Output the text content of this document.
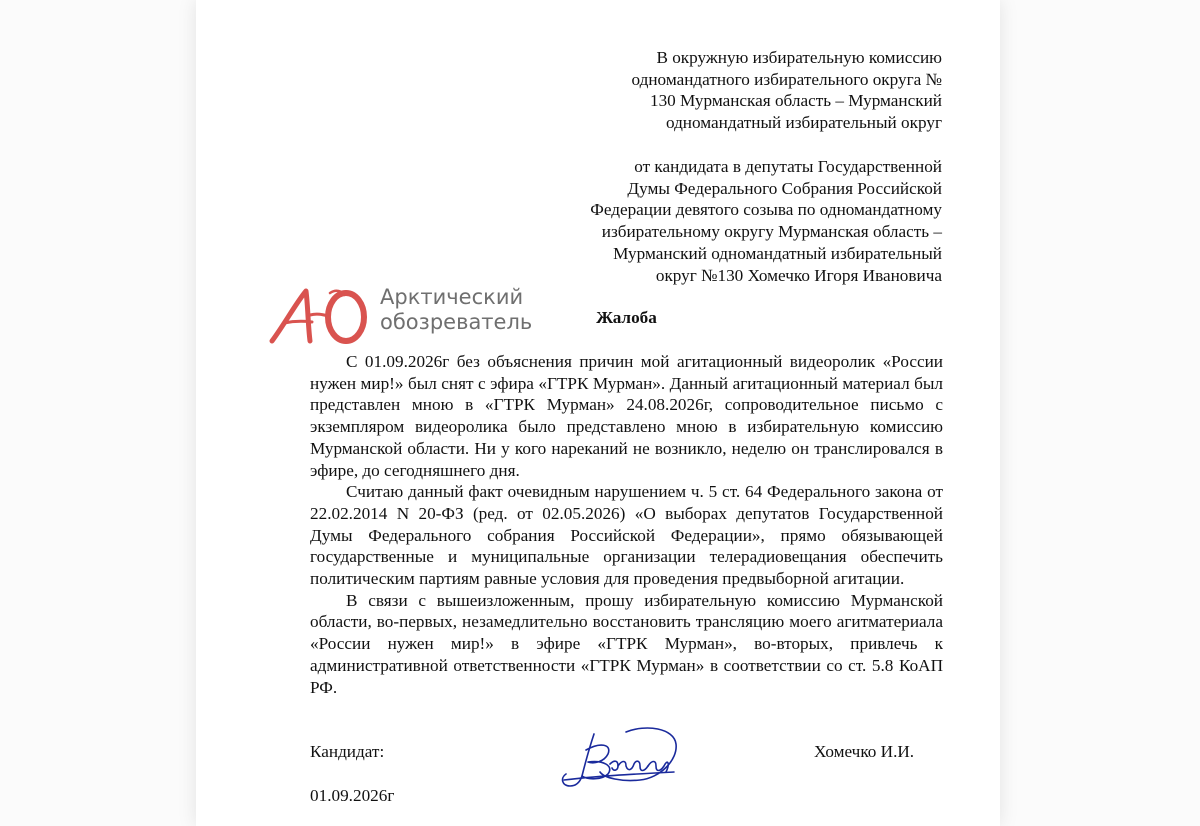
В окружную избирательную комиссию
одномандатного избирательного округа №
130 Мурманская область – Мурманский
одномандатный избирательный округ
от кандидата в депутаты Государственной
Думы Федерального Собрания Российской
Федерации девятого созыва по одномандатному
избирательному округу Мурманская область –
Мурманский одномандатный избирательный
округ №130 Хомечко Игоря Ивановича
Арктический
обозреватель	Жалоба

С 01.09.2026г без объяснения причин мой агитационный видеоролик «России нужен мир!» был снят с эфира «ГТРК Мурман». Данный агитационный материал был представлен мною в «ГТРК Мурман» 24.08.2026г, сопроводительное письмо с экземпляром видеоролика было представлено мною в избирательную комиссию Мурманской области. Ни у кого нареканий не возникло, неделю он транслировался в эфире, до сегодняшнего дня.

Считаю данный факт очевидным нарушением ч. 5 ст. 64 Федерального закона от 22.02.2014 N 20-ФЗ (ред. от 02.05.2026) «О выборах депутатов Государственной Думы Федерального собрания Российской Федерации», прямо обязывающей государственные и муниципальные организации телерадиовещания обеспечить политическим партиям равные условия для проведения предвыборной агитации.

В связи с вышеизложенным, прошу избирательную комиссию Мурманской области, во-первых, незамедлительно восстановить трансляцию моего агитматериала «России нужен мир!» в эфире «ГТРК Мурман», во-вторых, привлечь к административной ответственности «ГТРК Мурман» в соответствии со ст. 5.8 КоАП РФ.

Кандидат:	Хомечко И.И.
01.09.2026г
